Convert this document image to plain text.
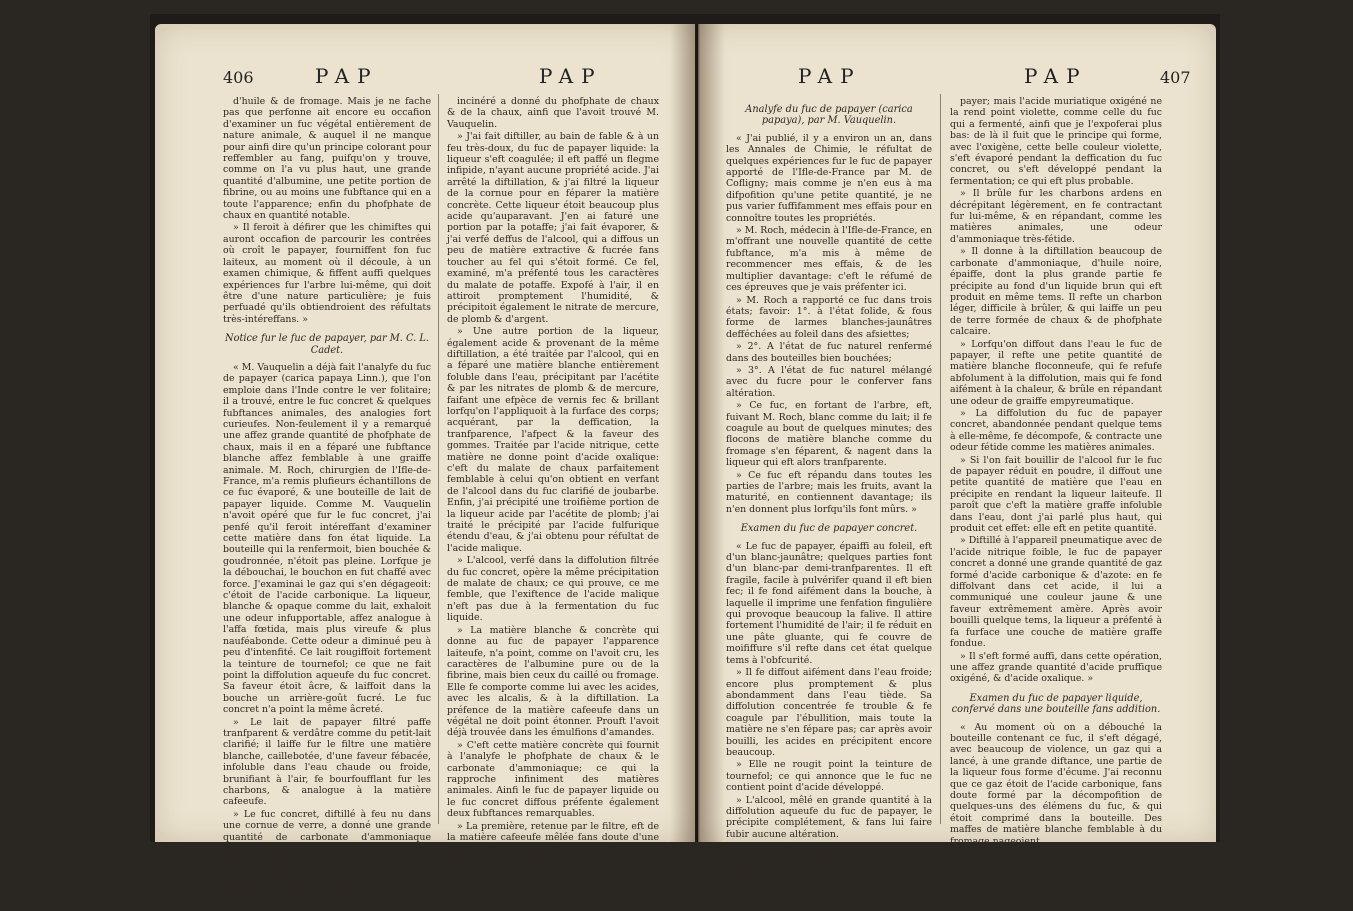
406	PAP	PAP

d'huile & de fromage. Mais je ne fache pas que perfonne ait encore eu occafion d'examiner un fuc végétal entièrement de nature animale, & auquel il ne manque pour ainfi dire qu'un principe colorant pour reffembler au fang, puifqu'on y trouve, comme on l'a vu plus haut, une grande quantité d'albumine, une petite portion de fibrine, ou au moins une fubftance qui en a toute l'apparence; enfin du phofphate de chaux en quantité notable.

» Il feroit à défirer que les chimiftes qui auront occafion de parcourir les contrées où croît le papayer, fourniffent fon fuc laiteux, au moment où il découle, à un examen chimique, & fiffent auffi quelques expériences fur l'arbre lui-même, qui doit être d'une nature particulière; je fuis perfuadé qu'ils obtiendroient des réfultats très-intéreffans. »

Notice fur le fuc de papayer, par M. C. L. Cadet.

« M. Vauquelin a déjà fait l'analyfe du fuc de papayer (carica papaya Linn.), que l'on emploie dans l'Inde contre le ver folitaire; il a trouvé, entre le fuc concret & quelques fubftances animales, des analogies fort curieufes. Non-feulement il y a remarqué une affez grande quantité de phofphate de chaux, mais il en a féparé une fubftance blanche affez femblable à une graiffe animale. M. Roch, chirurgien de l'Ifle-de-France, m'a remis plufieurs échantillons de ce fuc évaporé, & une bouteille de lait de papayer liquide. Comme M. Vauquelin n'avoit opéré que fur le fuc concret, j'ai penfé qu'il feroit intéreffant d'examiner cette matière dans fon état liquide. La bouteille qui la renfermoit, bien bouchée & goudronnée, n'étoit pas pleine. Lorfque je la débouchai, le bouchon en fut chaffé avec force. J'examinai le gaz qui s'en dégageoit: c'étoit de l'acide carbonique. La liqueur, blanche & opaque comme du lait, exhaloit une odeur infupportable, affez analogue à l'affa fœtida, mais plus vireufe & plus nauféabonde. Cette odeur a diminué peu à peu d'intenfité. Ce lait rougiffoit fortement la teinture de tournefol; ce que ne fait point la diffolution aqueufe du fuc concret. Sa faveur étoit âcre, & laiffoit dans la bouche un arrière-goût fucré. Le fuc concret n'a point la même âcreté.

» Le lait de papayer filtré paffe tranfparent & verdâtre comme du petit-lait clarifié; il laiffe fur le filtre une matière blanche, caillebotée, d'une faveur fébacée, infoluble dans l'eau chaude ou froide, brunifiant à l'air, fe bourfoufflant fur les charbons, & analogue à la matière cafeeufe.

» Le fuc concret, diftillé à feu nu dans une cornue de verre, a donné une grande quantité de carbonate d'ammoniaque criftallifé, une huile fétide, & il s'eft dégagé beaucoup de gaz acide carbonique & d'hydrogène carboné. Il eft refté dans la cornue une charbon volumineux, brillant, comme celui d'une matière animale. Ce charbon

incinéré a donné du phofphate de chaux & de la chaux, ainfi que l'avoit trouvé M. Vauquelin.

» J'ai fait diftiller, au bain de fable & à un feu très-doux, du fuc de papayer liquide: la liqueur s'eft coagulée; il eft paffé un flegme infipide, n'ayant aucune propriété acide. J'ai arrêté la diftillation, & j'ai filtré la liqueur de la cornue pour en féparer la matière concrète. Cette liqueur étoit beaucoup plus acide qu'auparavant. J'en ai faturé une portion par la potaffe; j'ai fait évaporer, & j'ai verfé deffus de l'alcool, qui a diffous un peu de matière extractive & fucrée fans toucher au fel qui s'étoit formé. Ce fel, examiné, m'a préfenté tous les caractères du malate de potaffe. Expofé à l'air, il en attiroit promptement l'humidité, & précipitoit également le nitrate de mercure, de plomb & d'argent.

» Une autre portion de la liqueur, également acide & provenant de la même diftillation, a été traitée par l'alcool, qui en a féparé une matière blanche entièrement foluble dans l'eau, précipitant par l'acétite & par les nitrates de plomb & de mercure, faifant une efpèce de vernis fec & brillant lorfqu'on l'appliquoit à la furface des corps; acquérant, par la deffication, la tranfparence, l'afpect & la faveur des gommes. Traitée par l'acide nitrique, cette matière ne donne point d'acide oxalique: c'eft du malate de chaux parfaitement femblable à celui qu'on obtient en verfant de l'alcool dans du fuc clarifié de joubarbe. Enfin, j'ai précipité une troifième portion de la liqueur acide par l'acétite de plomb; j'ai traité le précipité par l'acide fulfurique étendu d'eau, & j'ai obtenu pour réfultat de l'acide malique.

» L'alcool, verfé dans la diffolution filtrée du fuc concret, opère la même précipitation de malate de chaux; ce qui prouve, ce me femble, que l'exiftence de l'acide malique n'eft pas due à la fermentation du fuc liquide.

» La matière blanche & concrète qui donne au fuc de papayer l'apparence laiteufe, n'a point, comme on l'avoit cru, les caractères de l'albumine pure ou de la fibrine, mais bien ceux du caillé ou fromage. Elle fe comporte comme lui avec les acides, avec les alcalis, & à la diftillation. La préfence de la matière cafeeufe dans un végétal ne doit point étonner. Prouft l'avoit déjà trouvée dans les émulfions d'amandes.

» C'eft cette matière concrète qui fournit à l'analyfe le phofphate de chaux & le carbonate d'ammoniaque; ce qui la rapproche infiniment des matières animales. Ainfi le fuc de papayer liquide ou le fuc concret diffous préfente également deux fubftances remarquables.

» La première, retenue par le filtre, eft de la matière cafeeufe mêlée fans doute d'une légère portion d'albumine; la feconde eft une diffolution de malate de chaux avec excès d'acide malique pour le fuc liquide naturel; fans excès d'acide pour le fuc concret. »

PAP	PAP	407

Analyfe du fuc de papayer (carica papaya), par M. Vauquelin.

« J'ai publié, il y a environ un an, dans les Annales de Chimie, le réfultat de quelques expériences fur le fuc de papayer apporté de l'Ifle-de-France par M. de Cofligny; mais comme je n'en eus à ma difpofition qu'une petite quantité, je ne pus varier fuffifamment mes effais pour en connoître toutes les propriétés.

» M. Roch, médecin à l'Ifle-de-France, en m'offrant une nouvelle quantité de cette fubftance, m'a mis à même de recommencer mes effais, & de les multiplier davantage: c'eft le réfumé de ces épreuves que je vais préfenter ici.

» M. Roch a rapporté ce fuc dans trois états; favoir: 1°. à l'état folide, & fous forme de larmes blanches-jaunâtres defféchées au foleil dans des afsiettes;

» 2°. A l'état de fuc naturel renfermé dans des bouteilles bien bouchées;

» 3°. A l'état de fuc naturel mélangé avec du fucre pour le conferver fans altération.

» Ce fuc, en fortant de l'arbre, eft, fuivant M. Roch, blanc comme du lait; il fe coagule au bout de quelques minutes; des flocons de matière blanche comme du fromage s'en féparent, & nagent dans la liqueur qui eft alors tranfparente.

» Ce fuc eft répandu dans toutes les parties de l'arbre; mais les fruits, avant la maturité, en contiennent davantage; ils n'en donnent plus lorfqu'ils font mûrs. »

Examen du fuc de papayer concret.

« Le fuc de papayer, épaiffi au foleil, eft d'un blanc-jaunâtre; quelques parties font d'un blanc-par demi-tranfparentes. Il eft fragile, facile à pulvérifer quand il eft bien fec; il fe fond aifément dans la bouche, à laquelle il imprime une fenfation fingulière qui provoque beaucoup la falive. Il attire fortement l'humidité de l'air; il fe réduit en une pâte gluante, qui fe couvre de moififfure s'il refte dans cet état quelque tems à l'obfcurité.

» Il fe diffout aifément dans l'eau froide; encore plus promptement & plus abondamment dans l'eau tiède. Sa diffolution concentrée fe trouble & fe coagule par l'ébullition, mais toute la matière ne s'en fépare pas; car après avoir bouilli, les acides en précipitent encore beaucoup.

» Elle ne rougit point la teinture de tournefol; ce qui annonce que le fuc ne contient point d'acide développé.

» L'alcool, mêlé en grande quantité à la diffolution aqueufe du fuc de papayer, le précipite complétement, & fans lui faire fubir aucune altération.

» Les acides fulfurique, nitrique & muriatique coagulent abondamment la diffolution du fuc pa-

payer; mais l'acide muriatique oxigéné ne la rend point violette, comme celle du fuc qui a fermenté, ainfi que je l'expoferai plus bas: de là il fuit que le principe qui forme, avec l'oxigène, cette belle couleur violette, s'eft évaporé pendant la deffication du fuc concret, ou s'eft développé pendant la fermentation; ce qui eft plus probable.

» Il brûle fur les charbons ardens en décrépitant légèrement, en fe contractant fur lui-même, & en répandant, comme les matières animales, une odeur d'ammoniaque très-fétide.

» Il donne à la diftillation beaucoup de carbonate d'ammoniaque, d'huile noire, épaiffe, dont la plus grande partie fe précipite au fond d'un liquide brun qui eft produit en même tems. Il refte un charbon léger, difficile à brûler, & qui laiffe un peu de terre formée de chaux & de phofphate calcaire.

» Lorfqu'on diffout dans l'eau le fuc de papayer, il refte une petite quantité de matière blanche floconneufe, qui fe refufe abfolument à la diffolution, mais qui fe fond aifément à la chaleur, & brûle en répandant une odeur de graiffe empyreumatique.

» La diffolution du fuc de papayer concret, abandonnée pendant quelque tems à elle-même, fe décompofe, & contracte une odeur fétide comme les matières animales.

» Si l'on fait bouillir de l'alcool fur le fuc de papayer réduit en poudre, il diffout une petite quantité de matière que l'eau en précipite en rendant la liqueur laiteufe. Il paroît que c'eft la matière graffe infoluble dans l'eau, dont j'ai parlé plus haut, qui produit cet effet: elle eft en petite quantité.

» Diftillé à l'appareil pneumatique avec de l'acide nitrique foible, le fuc de papayer concret a donné une grande quantité de gaz formé d'acide carbonique & d'azote: en fe diffolvant dans cet acide, il lui a communiqué une couleur jaune & une faveur extrêmement amère. Après avoir bouilli quelque tems, la liqueur a préfenté à fa furface une couche de matière graffe fondue.

» Il s'eft formé auffi, dans cette opération, une affez grande quantité d'acide pruffique oxigéné, & d'acide oxalique. »

Examen du fuc de papayer liquide, confervé dans une bouteille fans addition.

« Au moment où on a débouché la bouteille contenant ce fuc, il s'eft dégagé, avec beaucoup de violence, un gaz qui a lancé, à une grande diftance, une partie de la liqueur fous forme d'écume. J'ai reconnu que ce gaz étoit de l'acide carbonique, fans doute formé par la décompofition de quelques-uns des élémens du fuc, & qui étoit comprimé dans la bouteille. Des maffes de matière blanche femblable à du fromage nageoient
